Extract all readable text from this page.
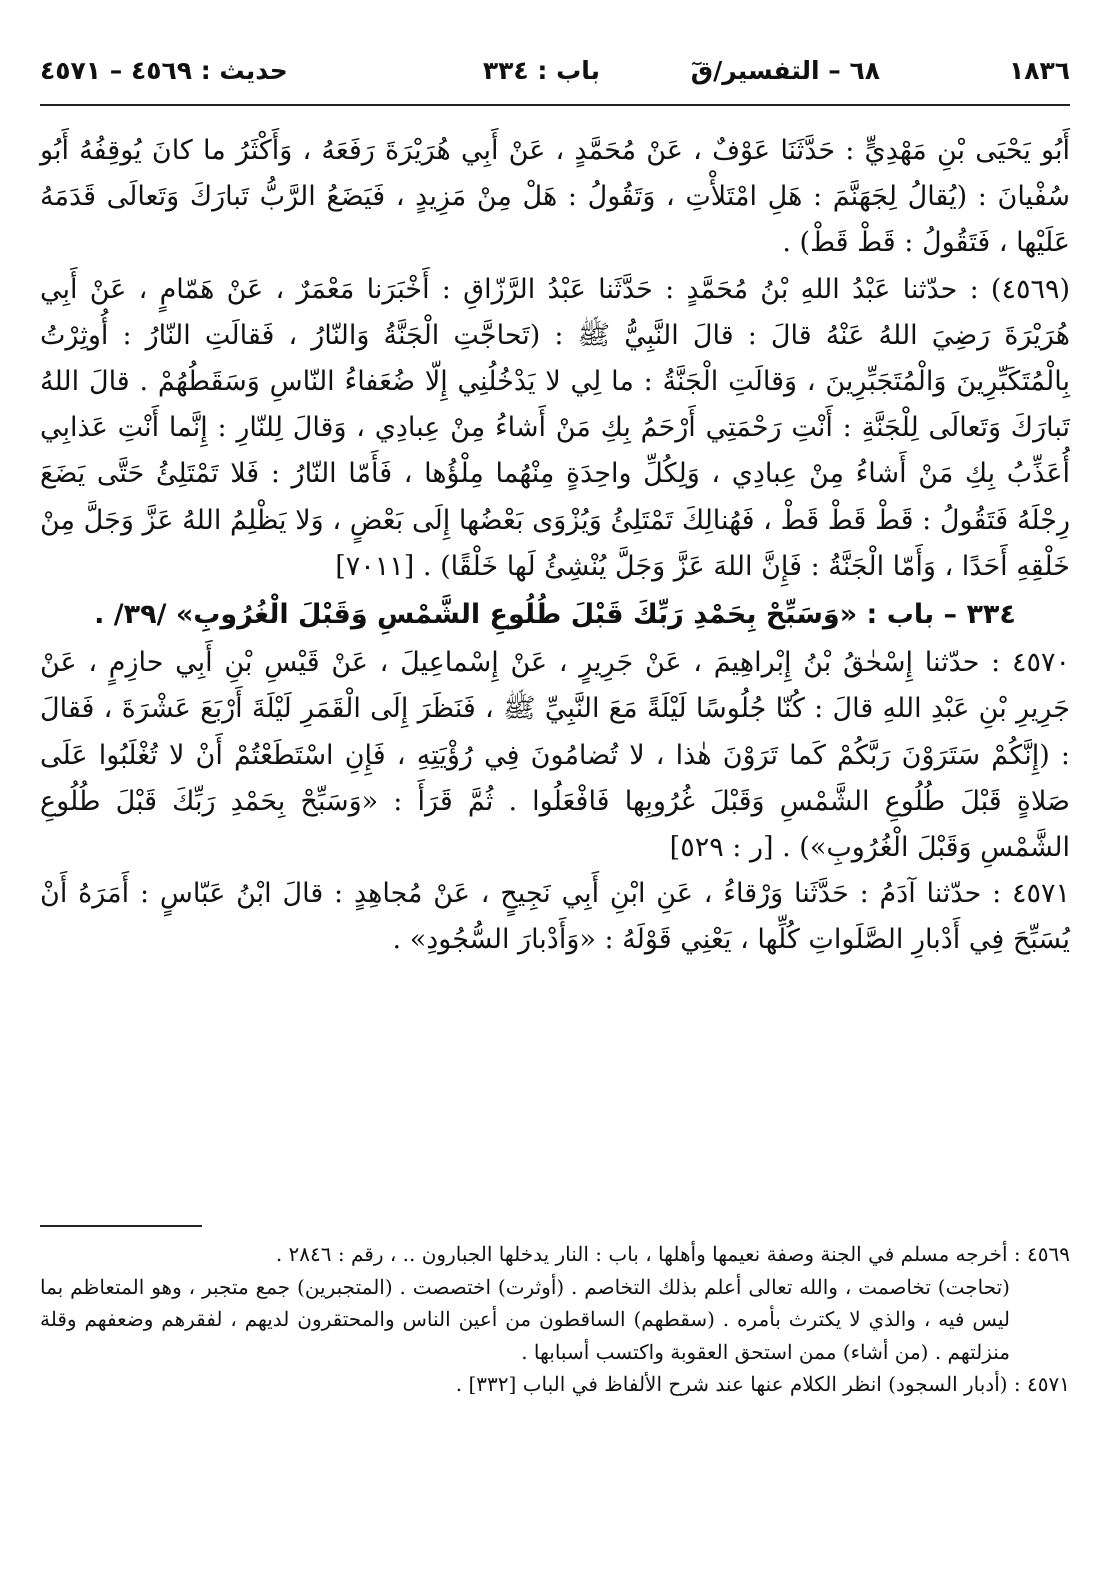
١٨٣٦
٦٨ – التفسير/قٓ
باب : ٣٣٤
حديث : ٤٥٦٩ – ٤٥٧١

أَبُو يَحْيَى بْنِ مَهْدِيٍّ : حَدَّثَنَا عَوْفٌ ، عَنْ مُحَمَّدٍ ، عَنْ أَبِي هُرَيْرَةَ رَفَعَهُ ، وَأَكْثَرُ ما كانَ يُوقِفُهُ أَبُو سُفْيانَ : (يُقالُ لِجَهَنَّمَ : هَلِ امْتَلأْتِ ، وَتَقُولُ : هَلْ مِنْ مَزِيدٍ ، فَيَضَعُ الرَّبُّ تَبارَكَ وَتَعالَى قَدَمَهُ عَلَيْها ، فَتَقُولُ : قَطْ قَطْ) .

(٤٥٦٩) : حدّثنا عَبْدُ اللهِ بْنُ مُحَمَّدٍ : حَدَّثَنا عَبْدُ الرَّزّاقِ : أَخْبَرَنا مَعْمَرٌ ، عَنْ هَمّامٍ ، عَنْ أَبِي هُرَيْرَةَ رَضِيَ اللهُ عَنْهُ قالَ : قالَ النَّبِيُّ ﷺ : (تَحاجَّتِ الْجَنَّةُ وَالنّارُ ، فَقالَتِ النّارُ : أُوثِرْتُ بِالْمُتَكَبِّرِينَ وَالْمُتَجَبِّرِينَ ، وَقالَتِ الْجَنَّةُ : ما لِي لا يَدْخُلُنِي إِلّا ضُعَفاءُ النّاسِ وَسَقَطُهُمْ . قالَ اللهُ تَبارَكَ وَتَعالَى لِلْجَنَّةِ : أَنْتِ رَحْمَتِي أَرْحَمُ بِكِ مَنْ أَشاءُ مِنْ عِبادِي ، وَقالَ لِلنّارِ : إِنَّما أَنْتِ عَذابِي أُعَذِّبُ بِكِ مَنْ أَشاءُ مِنْ عِبادِي ، وَلِكُلِّ واحِدَةٍ مِنْهُما مِلْؤُها ، فَأَمّا النّارُ : فَلا تَمْتَلِئُ حَتَّى يَضَعَ رِجْلَهُ فَتَقُولُ : قَطْ قَطْ قَطْ ، فَهُنالِكَ تَمْتَلِئُ وَيُزْوَى بَعْضُها إِلَى بَعْضٍ ، وَلا يَظْلِمُ اللهُ عَزَّ وَجَلَّ مِنْ خَلْقِهِ أَحَدًا ، وَأَمّا الْجَنَّةُ : فَإِنَّ اللهَ عَزَّ وَجَلَّ يُنْشِئُ لَها خَلْقًا) . [٧٠١١]

٣٣٤ – باب : «وَسَبِّحْ بِحَمْدِ رَبِّكَ قَبْلَ طُلُوعِ الشَّمْسِ وَقَبْلَ الْغُرُوبِ» /٣٩/ .

٤٥٧٠ : حدّثنا إِسْحٰقُ بْنُ إِبْراهِيمَ ، عَنْ جَرِيرٍ ، عَنْ إِسْماعِيلَ ، عَنْ قَيْسِ بْنِ أَبِي حازِمٍ ، عَنْ جَرِيرِ بْنِ عَبْدِ اللهِ قالَ : كُنّا جُلُوسًا لَيْلَةً مَعَ النَّبِيِّ ﷺ ، فَنَظَرَ إِلَى الْقَمَرِ لَيْلَةَ أَرْبَعَ عَشْرَةَ ، فَقالَ : (إِنَّكُمْ سَتَرَوْنَ رَبَّكُمْ كَما تَرَوْنَ هٰذا ، لا تُضامُونَ فِي رُؤْيَتِهِ ، فَإِنِ اسْتَطَعْتُمْ أَنْ لا تُغْلَبُوا عَلَى صَلاةٍ قَبْلَ طُلُوعِ الشَّمْسِ وَقَبْلَ غُرُوبِها فَافْعَلُوا . ثُمَّ قَرَأَ : «وَسَبِّحْ بِحَمْدِ رَبِّكَ قَبْلَ طُلُوعِ الشَّمْسِ وَقَبْلَ الْغُرُوبِ») . [ر : ٥٢٩]

٤٥٧١ : حدّثنا آدَمُ : حَدَّثَنا وَرْقاءُ ، عَنِ ابْنِ أَبِي نَجِيحٍ ، عَنْ مُجاهِدٍ : قالَ ابْنُ عَبّاسٍ : أَمَرَهُ أَنْ يُسَبِّحَ فِي أَدْبارِ الصَّلَواتِ كُلِّها ، يَعْنِي قَوْلَهُ : «وَأَدْبارَ السُّجُودِ» .

٤٥٦٩ : أخرجه مسلم في الجنة وصفة نعيمها وأهلها ، باب : النار يدخلها الجبارون .. ، رقم : ٢٨٤٦ .

(تحاجت) تخاصمت ، والله تعالى أعلم بذلك التخاصم . (أوثرت) اختصصت . (المتجبرين) جمع متجبر ، وهو المتعاظم بما ليس فيه ، والذي لا يكترث بأمره . (سقطهم) الساقطون من أعين الناس والمحتقرون لديهم ، لفقرهم وضعفهم وقلة منزلتهم . (من أشاء) ممن استحق العقوبة واكتسب أسبابها .

٤٥٧١ : (أدبار السجود) انظر الكلام عنها عند شرح الألفاظ في الباب [٣٣٢] .
